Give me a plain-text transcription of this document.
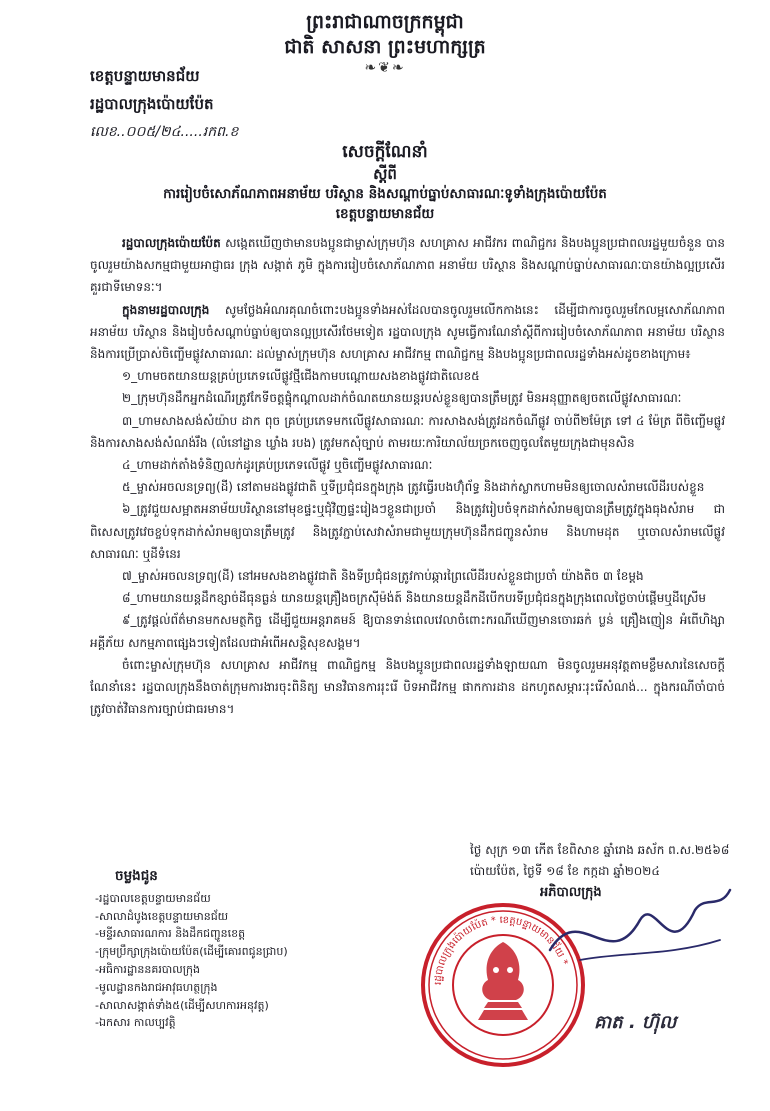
ព្រះរាជាណាចក្រកម្ពុជា
ជាតិ សាសនា ព្រះមហាក្សត្រ
❧❦❧
ខេត្តបន្ទាយមានជ័យ
រដ្ឋបាលក្រុងប៉ោយប៉ែត
លេខ..០០៥/២៤.....រកព.ខ
សេចក្តីណែនាំ
ស្តីពី
ការរៀបចំសោភ័ណភាពអនាម័យ បរិស្ថាន និងសណ្តាប់ធ្នាប់សាធារណៈទូទាំងក្រុងប៉ោយប៉ែត
ខេត្តបន្ទាយមានជ័យ

រដ្ឋបាលក្រុងប៉ោយប៉ែត សង្កេតឃើញថាមានបងប្អូនជាម្ចាស់ក្រុមហ៊ុន សហគ្រាស អាជីវករ ពាណិជ្ជករ និងបងប្អូនប្រជាពលរដ្ឋមួយចំនួន បានចូលរួមយ៉ាងសកម្មជាមួយអាជ្ញាធរ ក្រុង សង្កាត់ ភូមិ ក្នុងការរៀបចំសោភ័ណភាព អនាម័យ បរិស្ថាន និងសណ្តាប់ធ្នាប់សាធារណៈបានយ៉ាងល្អប្រសើរគួរជាទីមោទនៈ។

ក្នុងនាមរដ្ឋបាលក្រុង សូមថ្លែងអំណរគុណចំពោះបងប្អូនទាំងអស់ដែលបានចូលរួមលើកកាងនេះ ដើម្បីជាការចូលរួមកែលម្អសោភ័ណភាព អនាម័យ បរិស្ថាន និងរៀបចំសណ្តាប់ធ្នាប់ឲ្យបានល្អប្រសើរថែមទៀត រដ្ឋបាលក្រុង សូមធ្វើការណែនាំស្តីពីការរៀបចំសោភ័ណភាព អនាម័យ បរិស្ថាន និងការប្រើប្រាស់ចិញ្ចើមផ្លូវសាធារណៈ ដល់ម្ចាស់ក្រុមហ៊ុន សហគ្រាស អាជីវកម្ម ពាណិជ្ជកម្ម និងបងប្អូនប្រជាពលរដ្ឋទាំងអស់ដូចខាងក្រោម៖

១_ហាមចតយានយន្តគ្រប់ប្រភេទលើផ្លូវថ្មីជើងកាមបណ្តោយសងខាងផ្លូវជាតិលេខ៥

២_ក្រុមហ៊ុនដឹកអ្នកដំណើរត្រូវកែទីចត្តផ្ទុំកណ្តាលដាក់ចំណតយានយន្តរបស់ខ្លួនឲ្យបានត្រឹមត្រូវ មិនអនុញ្ញាតឲ្យចតលើផ្លូវសាធារណៈ

៣_ហាមសាងសង់សំយ៉ាប ដាក ពុច គ្រប់ប្រភេទមកលើផ្លូវសាធារណៈ ការសាងសង់ត្រូវដកចំណីផ្លូវ ចាប់ពី២ម៉ែត្រ ទៅ ៤ ម៉ែត្រ ពីចិញ្ចើមផ្លូវ និងការសាងសង់សំណង់រឹង (លំនៅដ្ឋាន ឃ្លាំង របង) ត្រូវមកសុំច្បាប់ តាមរយៈការិយាល័យច្រកចេញចូលតែមួយក្រុងជាមុនសិន

៤_ហាមដាក់តាំងទំនិញលក់ដូរគ្រប់ប្រភេទលើផ្លូវ ឬចិញ្ចើមផ្លូវសាធារណៈ

៥_ម្ចាស់អចលនទ្រព្យ(ដី) នៅតាមដងផ្លូវជាតិ ឬទីប្រជុំជនក្នុងក្រុង ត្រូវធ្វើរបងហ៊ុំព័ទ្ធ និងដាក់ស្លាកហាមមិនឲ្យចោលសំរាមលើដីរបស់ខ្លួន

៦_ត្រូវជួយសម្អាតអនាម័យបរិស្ថាននៅមុខផ្ទះឬជុំវិញផ្ទះរៀងៗខ្លួនជាប្រចាំ និងត្រូវរៀបចំទុកដាក់សំរាមឲ្យបានត្រឹមត្រូវក្នុងធុងសំរាម ជាពិសេសត្រូវវេចខ្ចប់ទុកដាក់សំរាមឲ្យបានត្រឹមត្រូវ និងត្រូវភ្ជាប់សេវាសំរាមជាមួយក្រុមហ៊ុនដឹកជញ្ជូនសំរាម និងហាមដុត ឬចោលសំរាមលើផ្លូវសាធារណៈ ឬដីទំនេរ

៧_ម្ចាស់អចលនទ្រព្យ(ដី) នៅអមសងខាងផ្លូវជាតិ និងទីប្រជុំជនត្រូវកាប់ឆ្ការព្រៃលើដីរបស់ខ្លួនជាប្រចាំ យ៉ាងតិច ៣ ខែម្តង

៨_ហាមយានយន្តដឹកខ្សាច់ដីធុនធ្ងន់ យានយន្តគ្រឿងចក្រស៊ីម៉ង់ត៍ និងយានយន្តដឹកដីបើកបរទីប្រជុំជនក្នុងក្រុងពេលថ្ងៃចាប់ផ្តើមឬដីស្រើម

៩_ត្រូវផ្តល់ព័ត៌មានមកសមត្ថកិច្ច ដើម្បីជួយអន្តរាគមន៍ ឱ្យបានទាន់ពេលវេលាចំពោះករណីឃើញមានចោរឆក់ ប្លន់ គ្រឿងញៀន អំពើហិង្សា អគ្គីភ័យ សកម្មភាពផ្សេងៗទៀតដែលជាអំពើអសន្តិសុខសង្គម។

ចំពោះម្ចាស់ក្រុមហ៊ុន សហគ្រាស អាជីវកម្ម ពាណិជ្ជកម្ម និងបងប្អូនប្រជាពលរដ្ឋទាំងឡាយណា មិនចូលរួមអនុវត្តតាមខ្លឹមសារនៃសេចក្តីណែនាំនេះ រដ្ឋបាលក្រុងនឹងចាត់ក្រុមការងារចុះពិនិត្យ មានវិធានការរុះរើ បិទអាជីវកម្ម ផាកការដាន ដកហូតសម្ភារៈរុះរើសំណង់... ក្នុងករណីចាំបាច់ត្រូវចាត់វិធានការច្បាប់ជាធរមាន។

ថ្ងៃ សុក្រ ១៣ កើត ខែពិសាខ ឆ្នាំរោង ឆស័ក ព.ស.២៥៦៨
ប៉ោយប៉ែត, ថ្ងៃទី ១៨ ខែ កក្កដា ឆ្នាំ២០២៤
អភិបាលក្រុង
ចម្លងជូន
-រដ្ឋបាលខេត្តបន្ទាយមានជ័យ
-សាលាដំបូងខេត្តបន្ទាយមានជ័យ
-មន្ទីរសាធារណការ និងដឹកជញ្ជូនខេត្ត
-ក្រុមប្រឹក្សាក្រុងប៉ោយប៉ែត(ដើម្បីគោរពជូនជ្រាប)
-អធិការដ្ឋាននគរបាលក្រុង
-មូលដ្ឋានកងរាជអាវុធហត្ថក្រុង
-សាលាសង្កាត់ទាំង៥(ដើម្បីសហការអនុវត្ត)
-ឯកសារ កាលប្បវត្តិ
រដ្ឋបាលក្រុងប៉ោយប៉ែត * ខេត្តបន្ទាយមានជ័យ *
គាត . ហ៊ុល
